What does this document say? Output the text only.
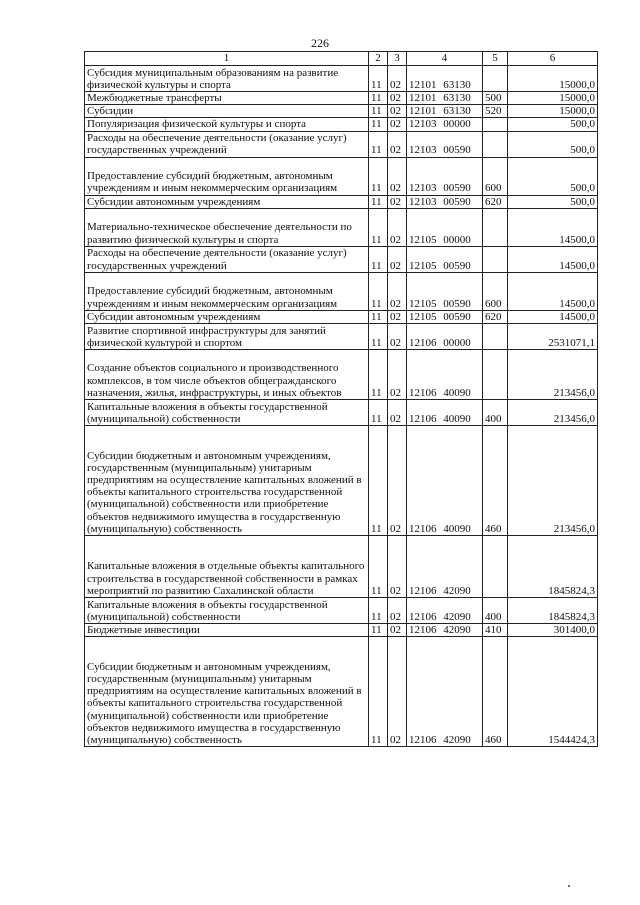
226
1	2	3	4	5	6
Субсидия муниципальным образованиям на развитие физической культуры и спорта	11	02	12101 63130		15000,0
Межбюджетные трансферты	11	02	12101 63130	500	15000,0
Субсидии	11	02	12101 63130	520	15000,0
Популяризация физической культуры и спорта	11	02	12103 00000		500,0
Расходы на обеспечение деятельности (оказание услуг) государственных учреждений	11	02	12103 00590		500,0
Предоставление субсидий бюджетным, автономным учреждениям и иным некоммерческим организациям	11	02	12103 00590	600	500,0
Субсидии автономным учреждениям	11	02	12103 00590	620	500,0
Материально-техническое обеспечение деятельности по развитию физической культуры и спорта	11	02	12105 00000		14500,0
Расходы на обеспечение деятельности (оказание услуг) государственных учреждений	11	02	12105 00590		14500,0
Предоставление субсидий бюджетным, автономным учреждениям и иным некоммерческим организациям	11	02	12105 00590	600	14500,0
Субсидии автономным учреждениям	11	02	12105 00590	620	14500,0
Развитие спортивной инфраструктуры для занятий физической культурой и спортом	11	02	12106 00000		2531071,1
Создание объектов социального и производственного комплексов, в том числе объектов общегражданского назначения, жилья, инфраструктуры, и иных объектов	11	02	12106 40090		213456,0
Капитальные вложения в объекты государственной (муниципальной) собственности	11	02	12106 40090	400	213456,0
Субсидии бюджетным и автономным учреждениям, государственным (муниципальным) унитарным предприятиям на осуществление капитальных вложений в объекты капитального строительства государственной (муниципальной) собственности или приобретение объектов недвижимого имущества в государственную (муниципальную) собственность	11	02	12106 40090	460	213456,0
Капитальные вложения в отдельные объекты капитального строительства в государственной собственности в рамках мероприятий по развитию Сахалинской области	11	02	12106 42090		1845824,3
Капитальные вложения в объекты государственной (муниципальной) собственности	11	02	12106 42090	400	1845824,3
Бюджетные инвестиции	11	02	12106 42090	410	301400,0
Субсидии бюджетным и автономным учреждениям, государственным (муниципальным) унитарным предприятиям на осуществление капитальных вложений в объекты капитального строительства государственной (муниципальной) собственности или приобретение объектов недвижимого имущества в государственную (муниципальную) собственность	11	02	12106 42090	460	1544424,3
